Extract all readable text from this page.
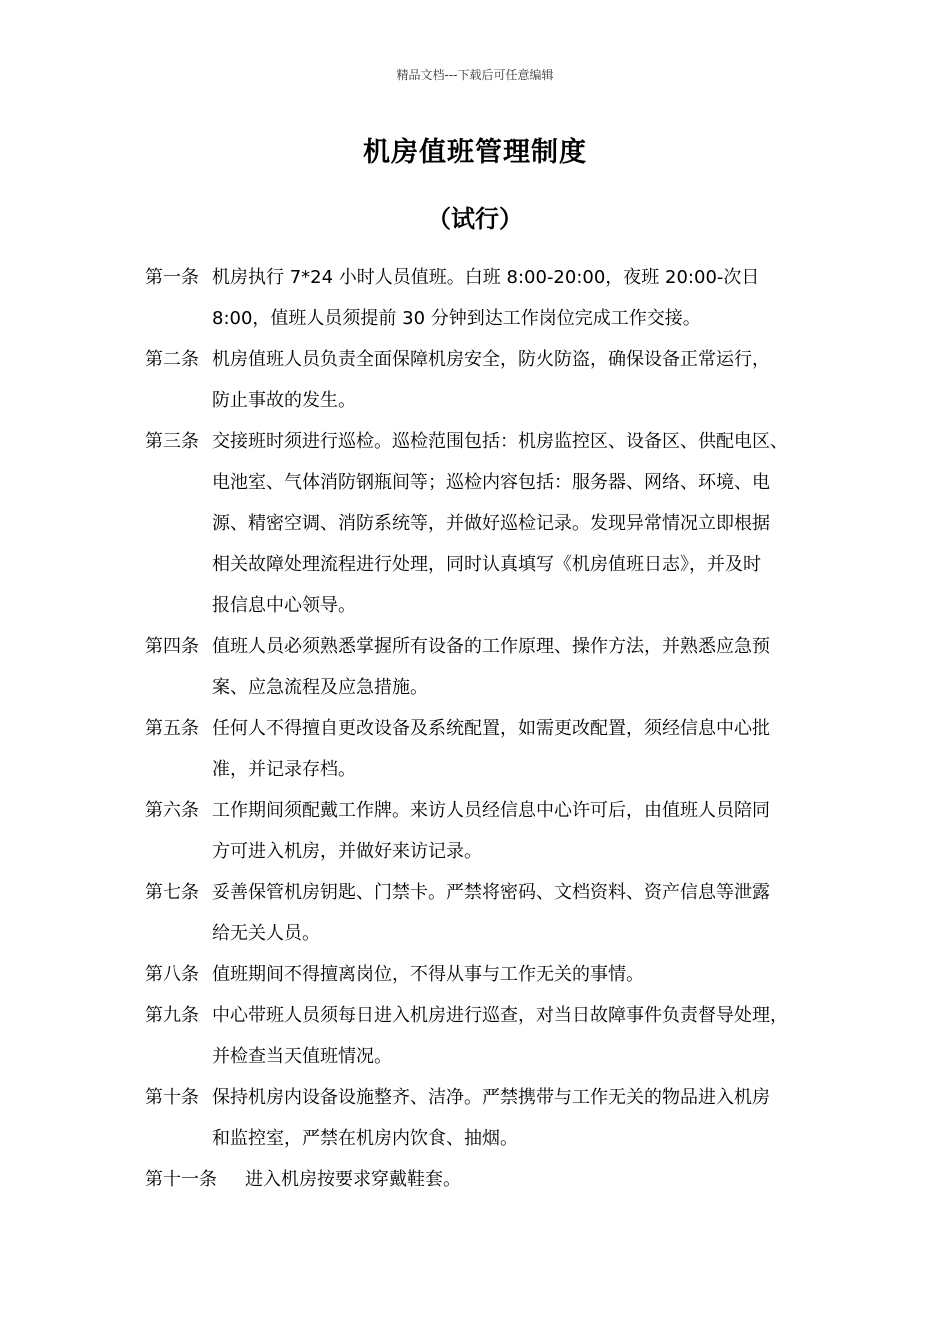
精品文档---下载后可任意编辑
机房值班管理制度
（试行）
第一条 机房执行 7*24 小时人员值班。白班 8:00-20:00，夜班 20:00-次日
8:00，值班人员须提前 30 分钟到达工作岗位完成工作交接。
第二条 机房值班人员负责全面保障机房安全，防火防盗，确保设备正常运行，
防止事故的发生。
第三条 交接班时须进行巡检。巡检范围包括：机房监控区、设备区、供配电区、
电池室、气体消防钢瓶间等；巡检内容包括：服务器、网络、环境、电
源、精密空调、消防系统等，并做好巡检记录。发现异常情况立即根据
相关故障处理流程进行处理，同时认真填写《机房值班日志》，并及时
报信息中心领导。
第四条 值班人员必须熟悉掌握所有设备的工作原理、操作方法，并熟悉应急预
案、应急流程及应急措施。
第五条 任何人不得擅自更改设备及系统配置，如需更改配置，须经信息中心批
准，并记录存档。
第六条 工作期间须配戴工作牌。来访人员经信息中心许可后，由值班人员陪同
方可进入机房，并做好来访记录。
第七条 妥善保管机房钥匙、门禁卡。严禁将密码、文档资料、资产信息等泄露
给无关人员。
第八条 值班期间不得擅离岗位，不得从事与工作无关的事情。
第九条 中心带班人员须每日进入机房进行巡查，对当日故障事件负责督导处理，
并检查当天值班情况。
第十条 保持机房内设备设施整齐、洁净。严禁携带与工作无关的物品进入机房
和监控室，严禁在机房内饮食、抽烟。
第十一条	进入机房按要求穿戴鞋套。
